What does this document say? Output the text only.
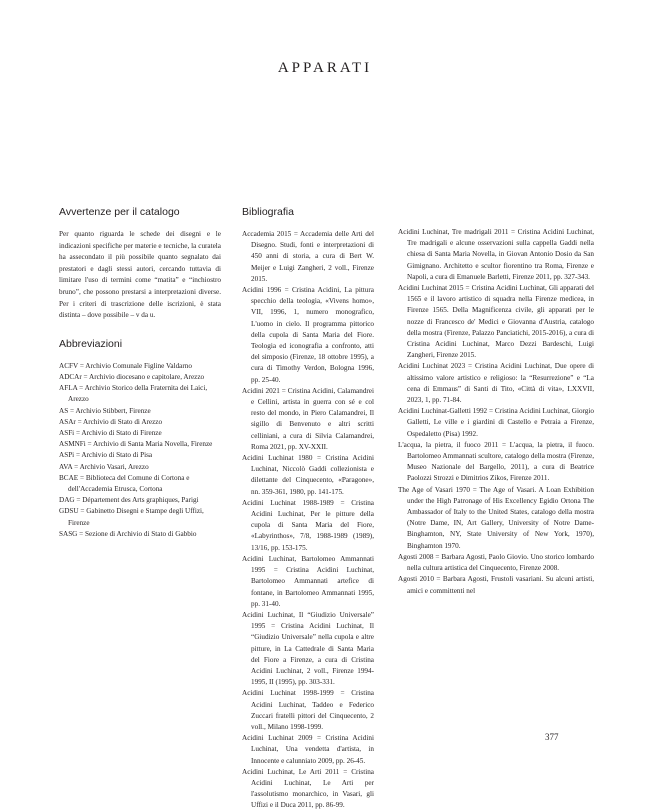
APPARATI
Avvertenze per il catalogo

Per quanto riguarda le schede dei disegni e le indicazioni specifiche per materie e tecniche, la curatela ha assecondato il più possibile quanto segnalato dai prestatori e dagli stessi autori, cercando tuttavia di limitare l'uso di termini come “matita” e “inchiostro bruno”, che possono prestarsi a interpretazioni diverse. Per i criteri di trascrizione delle iscrizioni, è stata distinta – dove possibile – v da u.

Abbreviazioni
ACFV = Archivio Comunale Figline Valdarno
ADCAr = Archivio diocesano e capitolare, Arezzo
AFLA = Archivio Storico della Fraternita dei Laici, Arezzo
AS = Archivio Stibbert, Firenze
ASAr = Archivio di Stato di Arezzo
ASFi = Archivio di Stato di Firenze
ASMNFi = Archivio di Santa Maria Novella, Firenze
ASPi = Archivio di Stato di Pisa
AVA = Archivio Vasari, Arezzo
BCAE = Biblioteca del Comune di Cortona e dell'Accademia Etrusca, Cortona
DAG = Département des Arts graphiques, Parigi
GDSU = Gabinetto Disegni e Stampe degli Uffizi, Firenze
SASG = Sezione di Archivio di Stato di Gabbio
Bibliografia
Accademia 2015 = Accademia delle Arti del Disegno. Studi, fonti e interpretazioni di 450 anni di storia, a cura di Bert W. Meijer e Luigi Zangheri, 2 voll., Firenze 2015.
Acidini 1996 = Cristina Acidini, La pittura specchio della teologia, «Vivens homo», VII, 1996, 1, numero monografico, L'uomo in cielo. Il programma pittorico della cupola di Santa Maria del Fiore. Teologia ed iconografia a confronto, atti del simposio (Firenze, 18 ottobre 1995), a cura di Timothy Verdon, Bologna 1996, pp. 25-40.
Acidini 2021 = Cristina Acidini, Calamandrei e Cellini, artista in guerra con sé e col resto del mondo, in Piero Calamandrei, Il sigillo di Benvenuto e altri scritti celliniani, a cura di Silvia Calamandrei, Roma 2021, pp. XV-XXII.
Acidini Luchinat 1980 = Cristina Acidini Luchinat, Niccolò Gaddi collezionista e dilettante del Cinquecento, «Paragone», nn. 359-361, 1980, pp. 141-175.
Acidini Luchinat 1988-1989 = Cristina Acidini Luchinat, Per le pitture della cupola di Santa Maria del Fiore, «Labyrinthos», 7/8, 1988-1989 (1989), 13/16, pp. 153-175.
Acidini Luchinat, Bartolomeo Ammannati 1995 = Cristina Acidini Luchinat, Bartolomeo Ammannati artefice di fontane, in Bartolomeo Ammannati 1995, pp. 31-40.
Acidini Luchinat, Il “Giudizio Universale” 1995 = Cristina Acidini Luchinat, Il “Giudizio Universale” nella cupola e altre pitture, in La Cattedrale di Santa Maria del Fiore a Firenze, a cura di Cristina Acidini Luchinat, 2 voll., Firenze 1994-1995, II (1995), pp. 303-331.
Acidini Luchinat 1998-1999 = Cristina Acidini Luchinat, Taddeo e Federico Zuccari fratelli pittori del Cinquecento, 2 voll., Milano 1998-1999.
Acidini Luchinat 2009 = Cristina Acidini Luchinat, Una vendetta d'artista, in Innocente e calunniato 2009, pp. 26-45.
Acidini Luchinat, Le Arti 2011 = Cristina Acidini Luchinat, Le Arti per l'assolutismo monarchico, in Vasari, gli Uffizi e il Duca 2011, pp. 86-99.
Acidini Luchinat, Tre madrigali 2011 = Cristina Acidini Luchinat, Tre madrigali e alcune osservazioni sulla cappella Gaddi nella chiesa di Santa Maria Novella, in Giovan Antonio Dosio da San Gimignano. Architetto e scultor fiorentino tra Roma, Firenze e Napoli, a cura di Emanuele Barletti, Firenze 2011, pp. 327-343.
Acidini Luchinat 2015 = Cristina Acidini Luchinat, Gli apparati del 1565 e il lavoro artistico di squadra nella Firenze medicea, in Firenze 1565. Della Magnificenza civile, gli apparati per le nozze di Francesco de' Medici e Giovanna d'Austria, catalogo della mostra (Firenze, Palazzo Panciatichi, 2015-2016), a cura di Cristina Acidini Luchinat, Marco Dezzi Bardeschi, Luigi Zangheri, Firenze 2015.
Acidini Luchinat 2023 = Cristina Acidini Luchinat, Due opere di altissimo valore artistico e religioso: la “Resurrezione” e “La cena di Emmaus” di Santi di Tito, «Città di vita», LXXVII, 2023, 1, pp. 71-84.
Acidini Luchinat-Galletti 1992 = Cristina Acidini Luchinat, Giorgio Galletti, Le ville e i giardini di Castello e Petraia a Firenze, Ospedaletto (Pisa) 1992.
L'acqua, la pietra, il fuoco 2011 = L'acqua, la pietra, il fuoco. Bartolomeo Ammannati scultore, catalogo della mostra (Firenze, Museo Nazionale del Bargello, 2011), a cura di Beatrice Paolozzi Strozzi e Dimitrios Zikos, Firenze 2011.
The Age of Vasari 1970 = The Age of Vasari. A Loan Exhibition under the High Patronage of His Excellency Egidio Ortona The Ambassador of Italy to the United States, catalogo della mostra (Notre Dame, IN, Art Gallery, University of Notre Dame-Binghamton, NY, State University of New York, 1970), Binghamton 1970.
Agosti 2008 = Barbara Agosti, Paolo Giovio. Uno storico lombardo nella cultura artistica del Cinquecento, Firenze 2008.
Agosti 2010 = Barbara Agosti, Frustoli vasariani. Su alcuni artisti, amici e committenti nel
377
